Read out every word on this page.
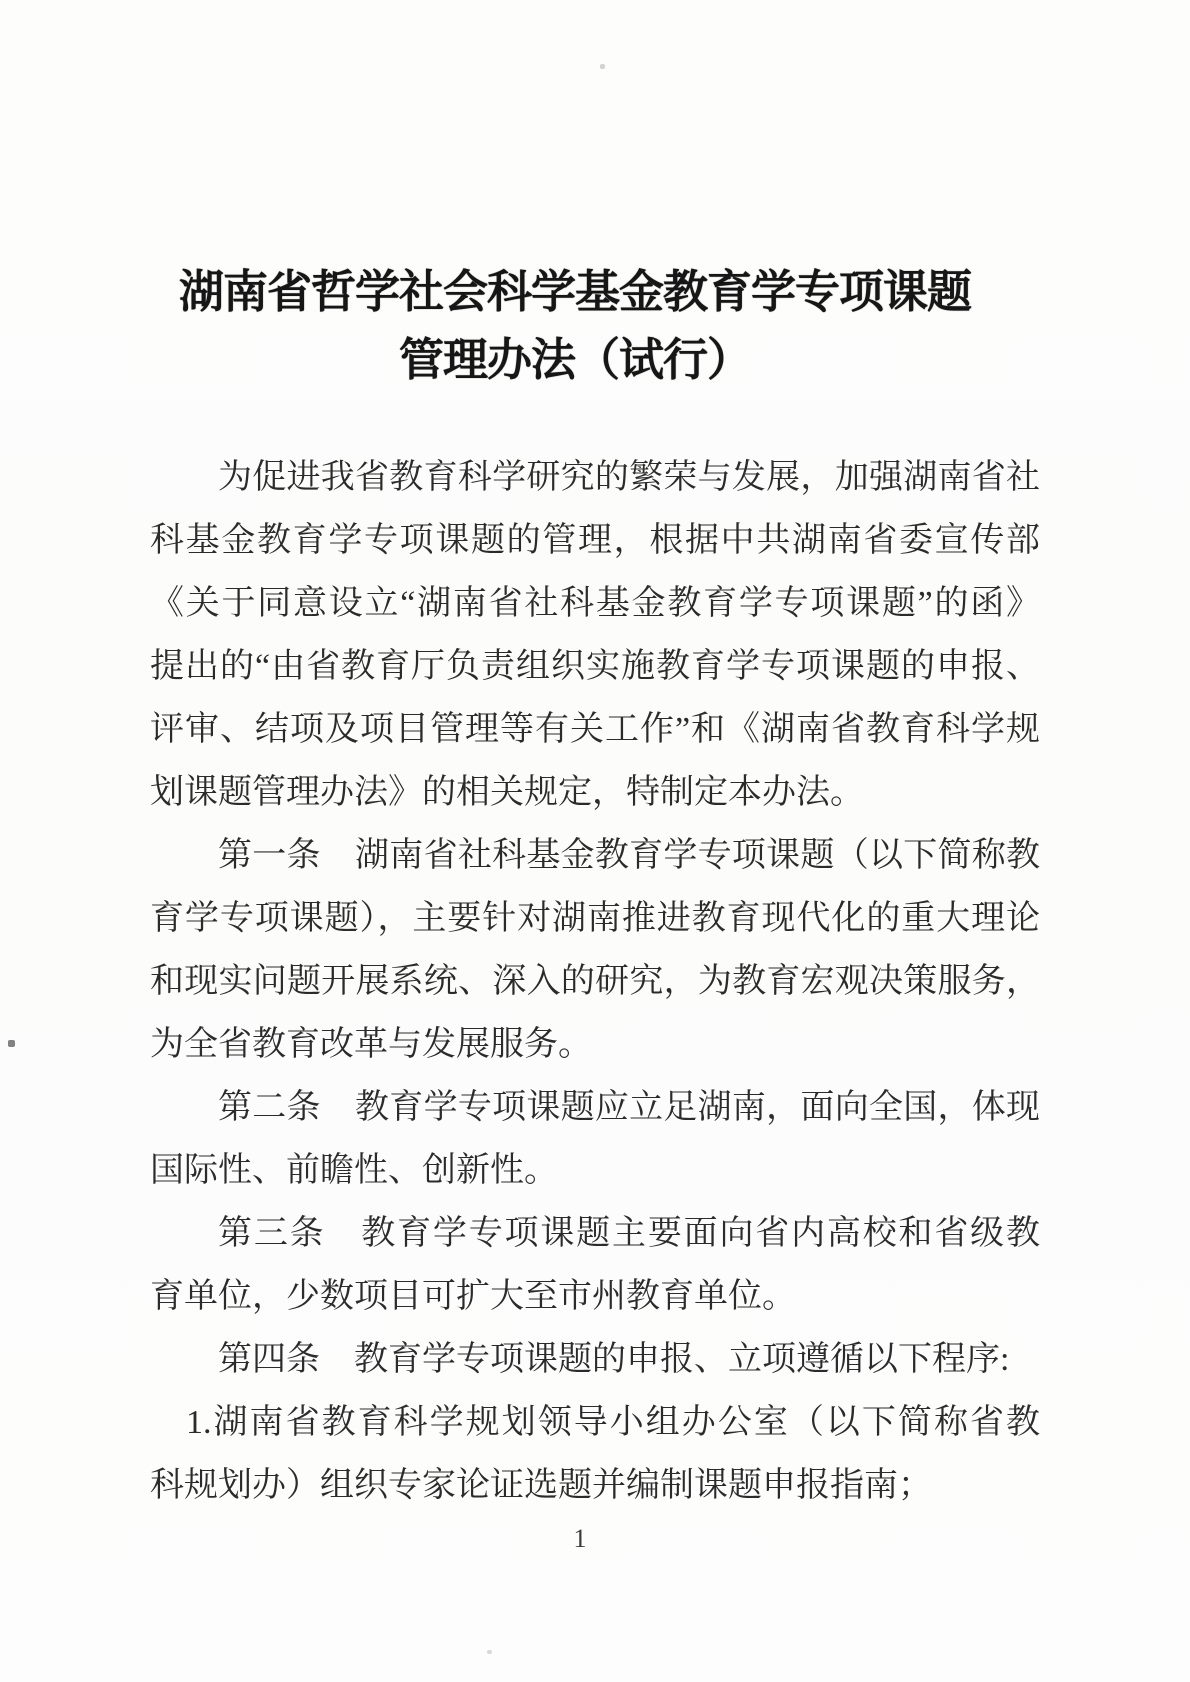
湖南省哲学社会科学基金教育学专项课题
管理办法（试行）
为促进我省教育科学研究的繁荣与发展，加强湖南省社
科基金教育学专项课题的管理，根据中共湖南省委宣传部
《关于同意设立“湖南省社科基金教育学专项课题”的函》
提出的“由省教育厅负责组织实施教育学专项课题的申报、
评审、结项及项目管理等有关工作”和《湖南省教育科学规
划课题管理办法》的相关规定，特制定本办法。
第一条　湖南省社科基金教育学专项课题（以下简称教
育学专项课题），主要针对湖南推进教育现代化的重大理论
和现实问题开展系统、深入的研究，为教育宏观决策服务，
为全省教育改革与发展服务。
第二条　教育学专项课题应立足湖南，面向全国，体现
国际性、前瞻性、创新性。
第三条　教育学专项课题主要面向省内高校和省级教
育单位，少数项目可扩大至市州教育单位。
第四条　教育学专项课题的申报、立项遵循以下程序:
1.湖南省教育科学规划领导小组办公室（以下简称省教
科规划办）组织专家论证选题并编制课题申报指南；
1
